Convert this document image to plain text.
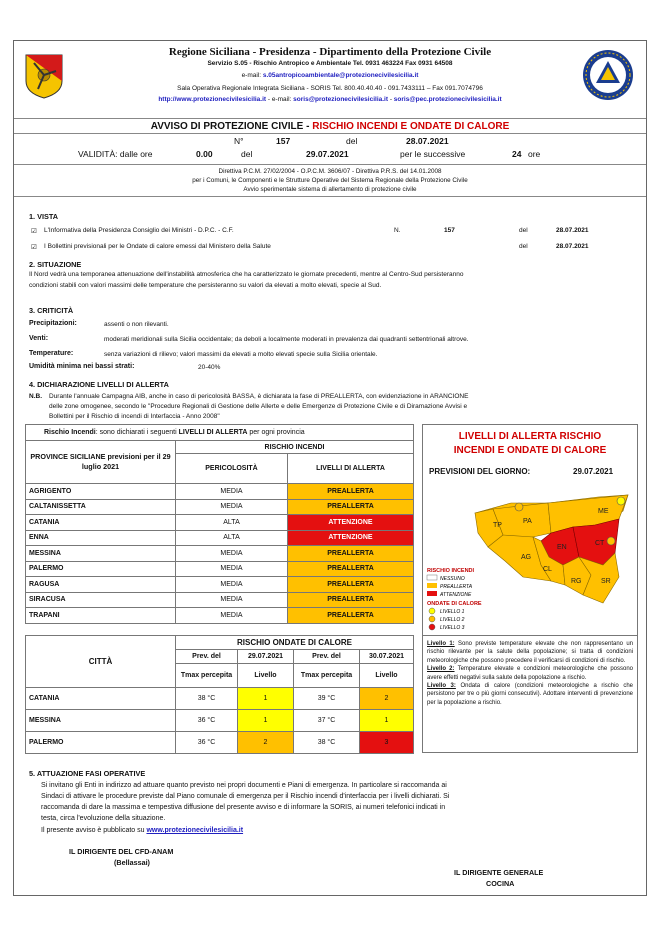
Regione Siciliana - Presidenza - Dipartimento della Protezione Civile
Servizio S.05 - Rischio Antropico e Ambientale Tel. 0931 463224 Fax 0931 64508
e-mail: s.05antropicoambientale@protezionecivilesicilia.it
Sala Operativa Regionale Integrata Siciliana - SORIS Tel. 800.40.40.40 - 091.7433111 – Fax 091.7074796
http://www.protezionecivilesicilia.it - e-mail: soris@protezionecivilesicilia.it - soris@pec.protezionecivilesicilia.it
AVVISO DI PROTEZIONE CIVILE - RISCHIO INCENDI E ONDATE DI CALORE
N°	157	del	28.07.2021
VALIDITÀ: dalle ore	0.00	del	29.07.2021	per le successive	24 ore
Direttiva P.C.M. 27/02/2004 - O.P.C.M. 3606/07 - Direttiva P.R.S. del 14.01.2008
per i Comuni, le Componenti e le Strutture Operative del Sistema Regionale della Protezione Civile
Avvio sperimentale sistema di allertamento di protezione civile
1. VISTA
☑ L'Informativa della Presidenza Consiglio dei Ministri - D.P.C. - C.F.	N.	157	del	28.07.2021
☑ I Bollettini previsionali per le Ondate di calore emessi dal Ministero della Salute	del	28.07.2021
2. SITUAZIONE
Il Nord vedrà una temporanea attenuazione dell'instabilità atmosferica che ha caratterizzato le giornate precedenti, mentre al Centro-Sud persisteranno
condizioni stabili con valori massimi delle temperature che persisteranno su valori da elevati a molto elevati, specie al Sud.
3. CRITICITÀ
Precipitazioni:	assenti o non rilevanti.
Venti:	moderati meridionali sulla Sicilia occidentale; da deboli a localmente moderati in prevalenza dai quadranti settentrionali altrove.
Temperature:	senza variazioni di rilievo; valori massimi da elevati a molto elevati specie sulla Sicilia orientale.
Umidità minima nei bassi strati:	20-40%
4. DICHIARAZIONE LIVELLI DI ALLERTA
N.B. Durante l'annuale Campagna AIB, anche in caso di pericolosità BASSA, è dichiarata la fase di PREALLERTA, con evidenziazione in ARANCIONE
delle zone omogenee, secondo le "Procedure Regionali di Gestione delle Allerte e delle Emergenze di Protezione Civile e di Diramazione Avvisi e
Bollettini per il Rischio di incendi di Interfaccia - Anno 2008"
Rischio Incendi: sono dichiarati i seguenti LIVELLI DI ALLERTA per ogni provincia
PROVINCE SICILIANE previsioni per il 29 luglio 2021	RISCHIO INCENDI	
	PERICOLOSITÀ	LIVELLI DI ALLERTA
AGRIGENTO	MEDIA	PREALLERTA
CALTANISSETTA	MEDIA	PREALLERTA
CATANIA	ALTA	ATTENZIONE
ENNA	ALTA	ATTENZIONE
MESSINA	MEDIA	PREALLERTA
PALERMO	MEDIA	PREALLERTA
RAGUSA	MEDIA	PREALLERTA
SIRACUSA	MEDIA	PREALLERTA
TRAPANI	MEDIA	PREALLERTA
LIVELLI DI ALLERTA RISCHIO
INCENDI E ONDATE DI CALORE
PREVISIONI DEL GIORNO:	29.07.2021
TP
PA
ME
AG
EN
CT
CL
RG	SR
RISCHIO INCENDI
NESSUNO
PREALLERTA
ATTENZIONE
ONDATE DI CALORE
LIVELLO 1
LIVELLO 2
LIVELLO 3
CITTÀ	RISCHIO ONDATE DI CALORE			
	Prev. del	29.07.2021	Prev. del	30.07.2021
	Tmax percepita	Livello	Tmax percepita	Livello
CATANIA	38 °C	1	39 °C	2
MESSINA	36 °C	1	37 °C	1
PALERMO	36 °C	2	38 °C	3
Livello 1: Sono previste temperature elevate che non rappresentano un rischio rilevante per la salute della popolazione; si tratta di condizioni meteorologiche che possono precedere il verificarsi di condizioni di rischio.
Livello 2: Temperature elevate e condizioni meteorologiche che possono avere effetti negativi sulla salute della popolazione a rischio.
Livello 3: Ondata di calore (condizioni meteorologiche a rischio che persistono per tre o più giorni consecutivi). Adottare interventi di prevenzione per la popolazione a rischio.
5. ATTUAZIONE FASI OPERATIVE
Si invitano gli Enti in indirizzo ad attuare quanto previsto nei propri documenti e Piani di emergenza. In particolare si raccomanda ai
Sindaci di attivare le procedure previste dal Piano comunale di emergenza per il Rischio incendi d'interfaccia per i livelli dichiarati. Si
raccomanda di dare la massima e tempestiva diffusione del presente avviso e di informare la SORIS, ai numeri telefonici indicati in
testa, circa l'evoluzione della situazione.
Il presente avviso è pubblicato su www.protezionecivilesicilia.it
IL DIRIGENTE DEL CFD-ANAM
(Bellassai)
IL DIRIGENTE GENERALE
COCINA
